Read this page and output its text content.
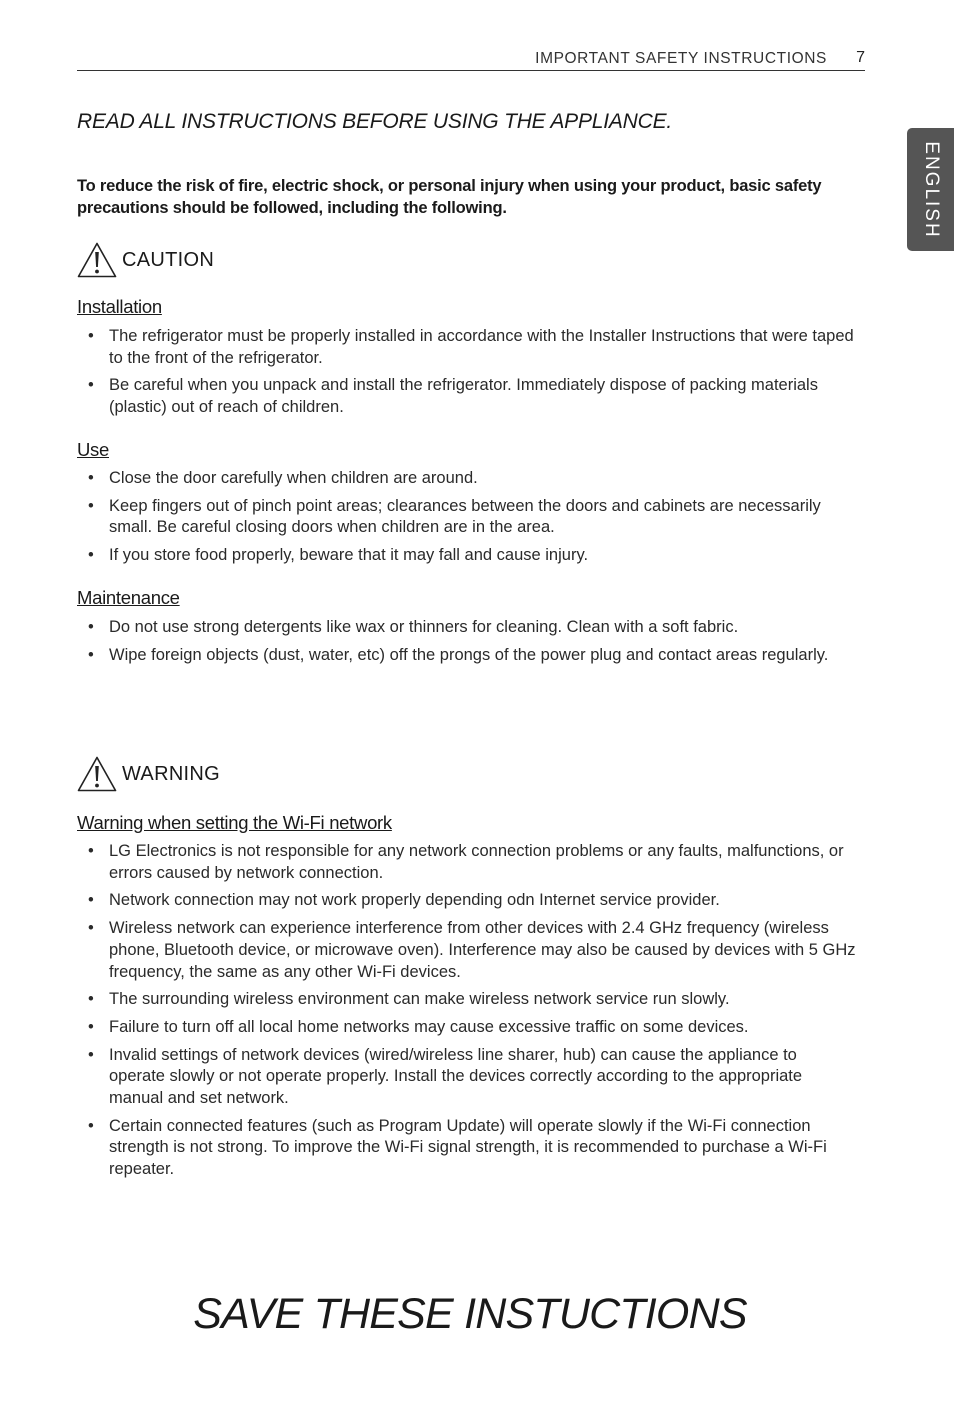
IMPORTANT SAFETY INSTRUCTIONS 7
ENGLISH
READ ALL INSTRUCTIONS BEFORE USING THE APPLIANCE.

To reduce the risk of fire, electric shock, or personal injury when using your product, basic safety precautions should be followed, including the following.

CAUTION
Installation
• The refrigerator must be properly installed in accordance with the Installer Instructions that were taped to the front of the refrigerator.
• Be careful when you unpack and install the refrigerator. Immediately dispose of packing materials (plastic) out of reach of children.
Use
• Close the door carefully when children are around.
• Keep fingers out of pinch point areas; clearances between the doors and cabinets are necessarily small. Be careful closing doors when children are in the area.
• If you store food properly, beware that it may fall and cause injury.
Maintenance
• Do not use strong detergents like wax or thinners for cleaning. Clean with a soft fabric.
• Wipe foreign objects (dust, water, etc) off the prongs of the power plug and contact areas regularly.
WARNING
Warning when setting the Wi-Fi network
• LG Electronics is not responsible for any network connection problems or any faults, malfunctions, or errors caused by network connection.
• Network connection may not work properly depending odn Internet service provider.
• Wireless network can experience interference from other devices with 2.4 GHz frequency (wireless phone, Bluetooth device, or microwave oven). Interference may also be caused by devices with 5 GHz frequency, the same as any other Wi-Fi devices.
• The surrounding wireless environment can make wireless network service run slowly.
• Failure to turn off all local home networks may cause excessive traffic on some devices.
• Invalid settings of network devices (wired/wireless line sharer, hub) can cause the appliance to operate slowly or not operate properly. Install the devices correctly according to the appropriate manual and set network.
• Certain connected features (such as Program Update) will operate slowly if the Wi-Fi connection strength is not strong. To improve the Wi-Fi signal strength, it is recommended to purchase a Wi-Fi repeater.
SAVE THESE INSTUCTIONS
